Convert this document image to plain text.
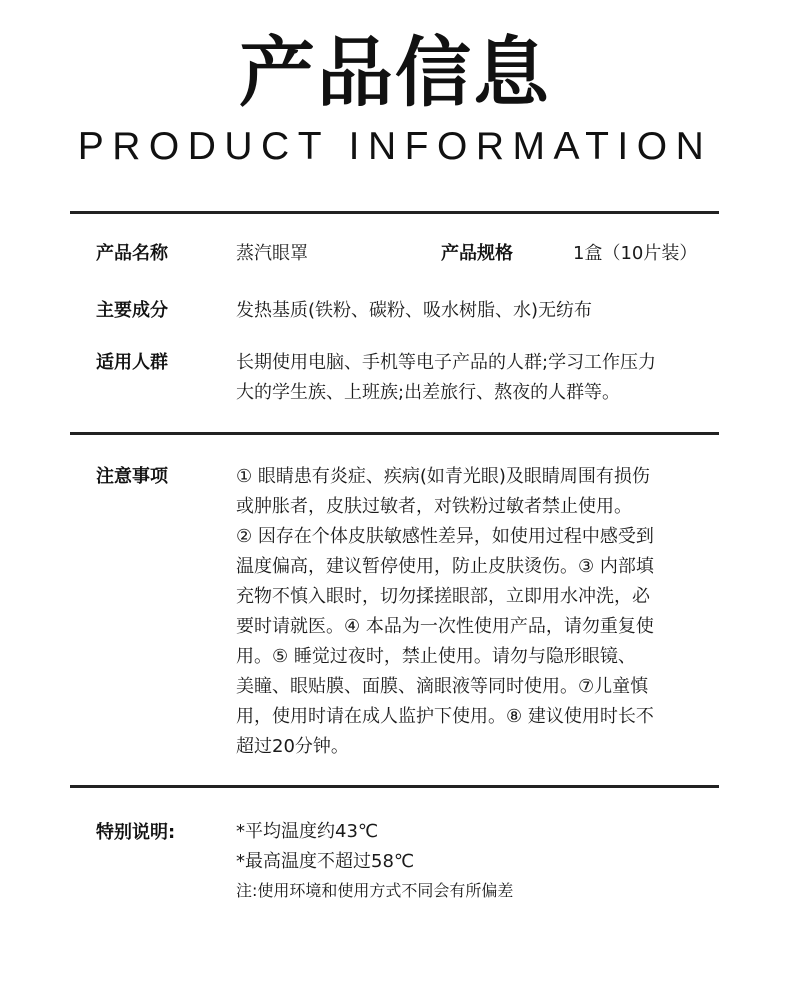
产品信息
PRODUCT INFORMATION
产品名称	蒸汽眼罩	产品规格	1盒（10片装）
主要成分	发热基质(铁粉、碳粉、吸水树脂、水)无纺布
适用人群	长期使用电脑、手机等电子产品的人群;学习工作压力
大的学生族、上班族;出差旅行、熬夜的人群等。
注意事项	① 眼睛患有炎症、疾病(如青光眼)及眼睛周围有损伤
或肿胀者，皮肤过敏者，对铁粉过敏者禁止使用。
② 因存在个体皮肤敏感性差异，如使用过程中感受到
温度偏高，建议暂停使用，防止皮肤烫伤。③ 内部填
充物不慎入眼时，切勿揉搓眼部，立即用水冲洗，必
要时请就医。④ 本品为一次性使用产品，请勿重复使
用。⑤ 睡觉过夜时，禁止使用。请勿与隐形眼镜、
美瞳、眼贴膜、面膜、滴眼液等同时使用。⑦儿童慎
用，使用时请在成人监护下使用。⑧ 建议使用时长不
超过20分钟。
特别说明:	*平均温度约43℃
*最高温度不超过58℃
注:使用环境和使用方式不同会有所偏差
